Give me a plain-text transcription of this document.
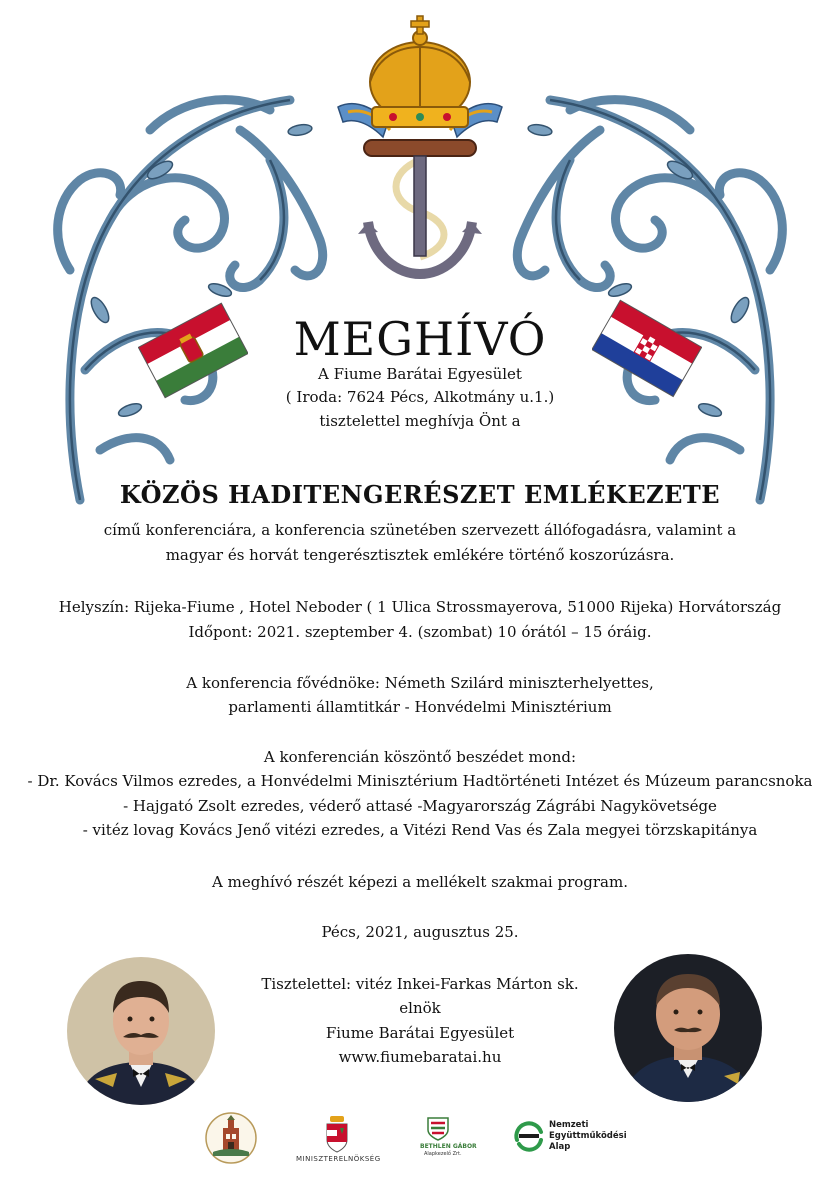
MEGHÍVÓ
A Fiume Barátai Egyesület
( Iroda: 7624 Pécs, Alkotmány u.1.)
tisztelettel meghívja Önt a
KÖZÖS HADITENGERÉSZET EMLÉKEZETE
című konferenciára, a konferencia szünetében szervezett állófogadásra, valamint a
magyar és horvát tengerésztisztek emlékére történő koszorúzásra.
Helyszín: Rijeka-Fiume , Hotel Neboder ( 1 Ulica Strossmayerova, 51000 Rijeka) Horvátország
Időpont: 2021. szeptember 4. (szombat) 10 órától – 15 óráig.
A konferencia fővédnöke: Németh Szilárd miniszterhelyettes,
parlamenti államtitkár - Honvédelmi Minisztérium
A konferencián köszöntő beszédet mond:
- Dr. Kovács Vilmos ezredes, a Honvédelmi Minisztérium Hadtörténeti Intézet és Múzeum parancsnoka
- Hajgató Zsolt ezredes, véderő attasé -Magyarország Zágrábi Nagykövetsége
- vitéz lovag Kovács Jenő vitézi ezredes, a Vitézi Rend Vas és Zala megyei törzskapitánya
A meghívó részét képezi a mellékelt szakmai program.
Pécs, 2021, augusztus 25.
Tisztelettel: vitéz Inkei-Farkas Márton sk.
elnök
Fiume Barátai Egyesület
www.fiumebaratai.hu
MINISZTERELNÖKSÉG
BETHLEN GÁBOR
Alapkezelő Zrt.
Nemzeti
Együttműködési
Alap
